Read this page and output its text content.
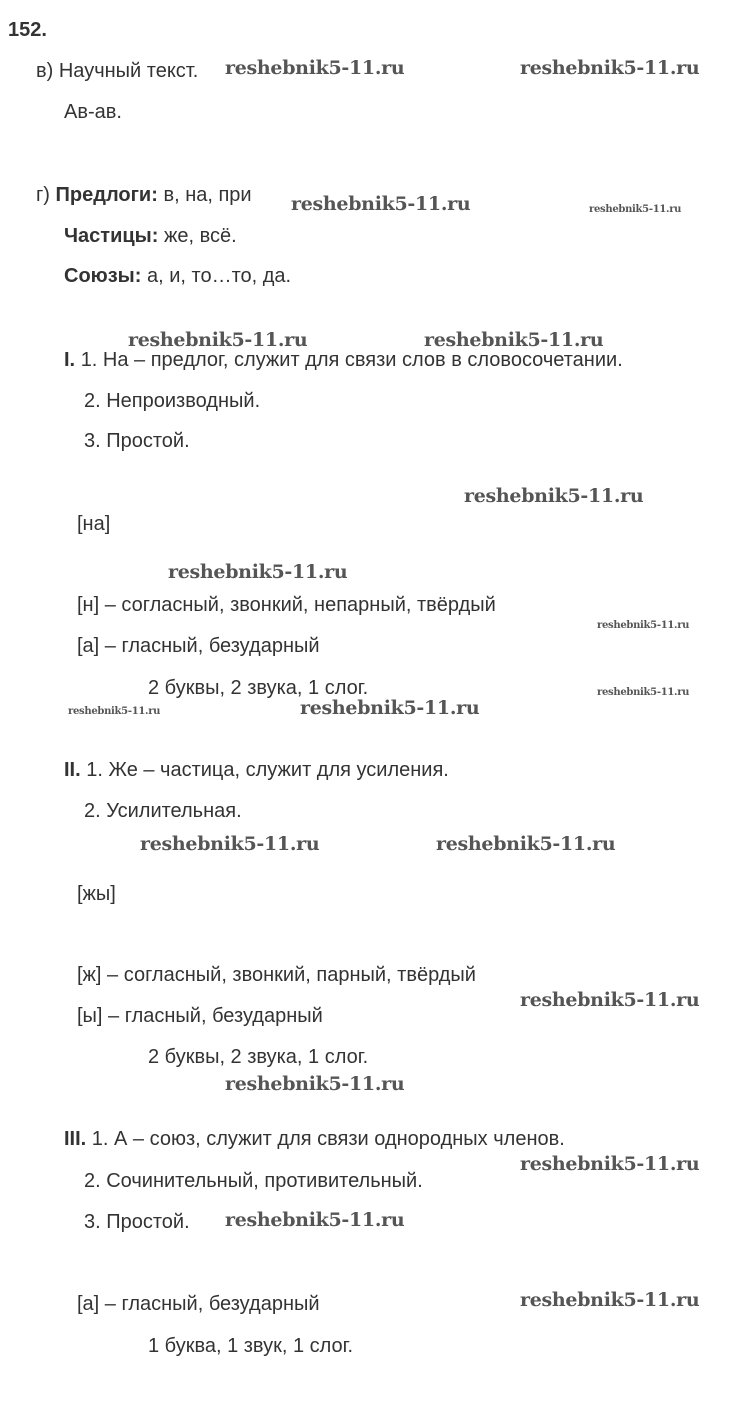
152.
в) Научный текст.
Ав-ав.
г) Предлоги: в, на, при
Частицы: же, всё.
Союзы: а, и, то…то, да.
I. 1. На – предлог, служит для связи слов в словосочетании.
2. Непроизводный.
3. Простой.
[на]
[н] – согласный, звонкий, непарный, твёрдый
[а] – гласный, безударный
2 буквы, 2 звука, 1 слог.
II. 1. Же – частица, служит для усиления.
2. Усилительная.
[жы]
[ж] – согласный, звонкий, парный, твёрдый
[ы] – гласный, безударный
2 буквы, 2 звука, 1 слог.
III. 1. А – союз, служит для связи однородных членов.
2. Сочинительный, противительный.
3. Простой.
[а] – гласный, безударный
1 буква, 1 звук, 1 слог.
reshebnik5-11.ru	reshebnik5-11.ru
reshebnik5-11.ru	reshebnik5-11.ru
reshebnik5-11.ru	reshebnik5-11.ru
reshebnik5-11.ru
reshebnik5-11.ru
reshebnik5-11.ru
reshebnik5-11.ru
reshebnik5-11.ru
reshebnik5-11.ru
reshebnik5-11.ru	reshebnik5-11.ru
reshebnik5-11.ru
reshebnik5-11.ru
reshebnik5-11.ru
reshebnik5-11.ru
reshebnik5-11.ru
